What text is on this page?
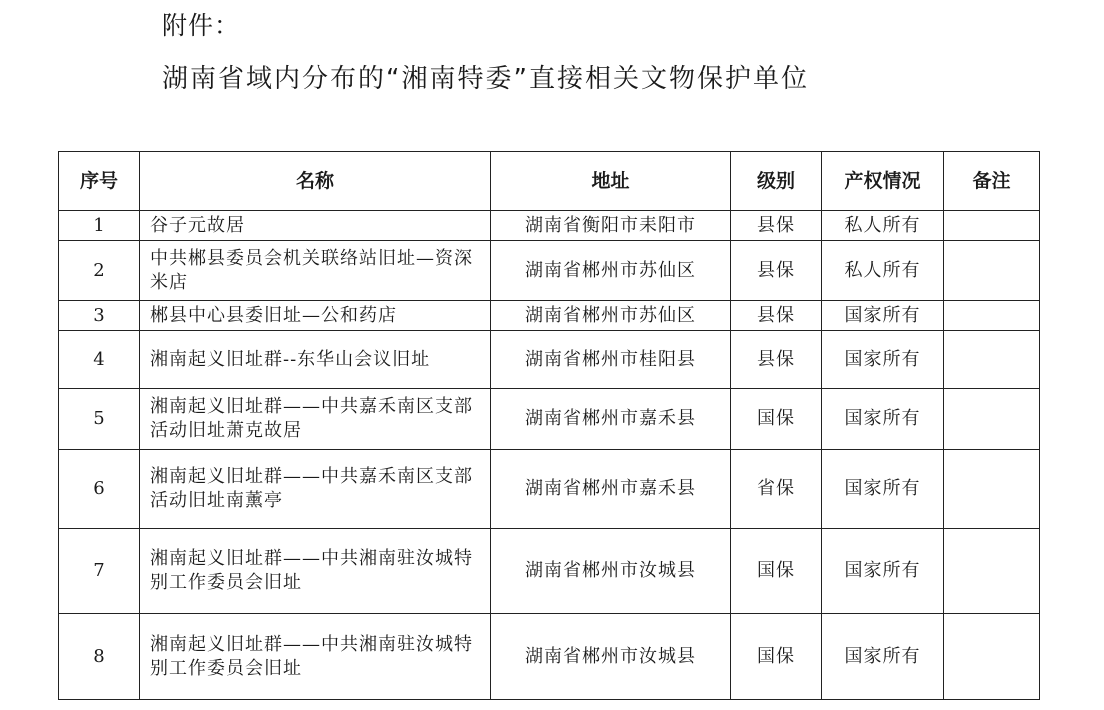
附件：
湖南省域内分布的“湘南特委”直接相关文物保护单位
序号	名称	地址	级别	产权情况	备注
1	谷子元故居	湖南省衡阳市耒阳市	县保	私人所有	
2	中共郴县委员会机关联络站旧址—资深米店	湖南省郴州市苏仙区	县保	私人所有	
3	郴县中心县委旧址—公和药店	湖南省郴州市苏仙区	县保	国家所有	
4	湘南起义旧址群--东华山会议旧址	湖南省郴州市桂阳县	县保	国家所有	
5	湘南起义旧址群——中共嘉禾南区支部活动旧址萧克故居	湖南省郴州市嘉禾县	国保	国家所有	
6	湘南起义旧址群——中共嘉禾南区支部活动旧址南薰亭	湖南省郴州市嘉禾县	省保	国家所有	
7	湘南起义旧址群——中共湘南驻汝城特别工作委员会旧址	湖南省郴州市汝城县	国保	国家所有	
8	湘南起义旧址群——中共湘南驻汝城特别工作委员会旧址	湖南省郴州市汝城县	国保	国家所有	
